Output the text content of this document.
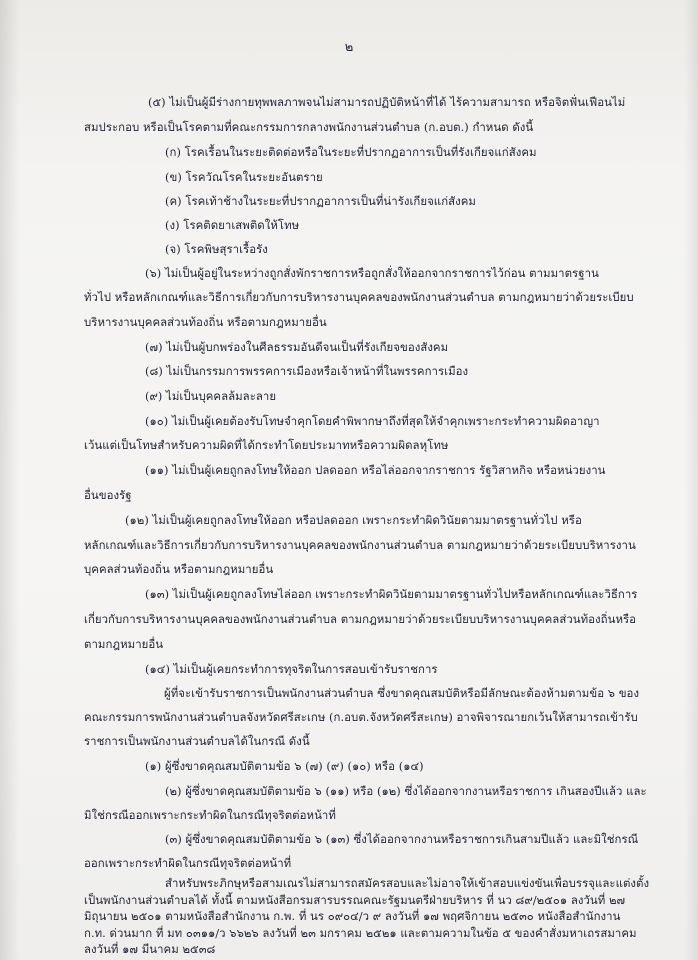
๒
(๕) ไม่เป็นผู้มีร่างกายทุพพลภาพจนไม่สามารถปฏิบัติหน้าที่ได้ ไร้ความสามารถ หรือจิตฟั่นเฟือนไม่
สมประกอบ หรือเป็นโรคตามที่คณะกรรมการกลางพนักงานส่วนตำบล (ก.อบต.) กำหนด ดังนี้
(ก) โรคเรื้อนในระยะติดต่อหรือในระยะที่ปรากฏอาการเป็นที่รังเกียจแก่สังคม
(ข) โรควัณโรคในระยะอันตราย
(ค) โรคเท้าช้างในระยะที่ปรากฏอาการเป็นที่น่ารังเกียจแก่สังคม
(ง) โรคติดยาเสพติดให้โทษ
(จ) โรคพิษสุราเรื้อรัง
(๖) ไม่เป็นผู้อยู่ในระหว่างถูกสั่งพักราชการหรือถูกสั่งให้ออกจากราชการไว้ก่อน ตามมาตรฐาน
ทั่วไป หรือหลักเกณฑ์และวิธีการเกี่ยวกับการบริหารงานบุคคลของพนักงานส่วนตำบล ตามกฎหมายว่าด้วยระเบียบ
บริหารงานบุคคลส่วนท้องถิ่น หรือตามกฎหมายอื่น
(๗) ไม่เป็นผู้บกพร่องในศีลธรรมอันดีจนเป็นที่รังเกียจของสังคม
(๘) ไม่เป็นกรรมการพรรคการเมืองหรือเจ้าหน้าที่ในพรรคการเมือง
(๙) ไม่เป็นบุคคลล้มละลาย
(๑๐) ไม่เป็นผู้เคยต้องรับโทษจำคุกโดยคำพิพากษาถึงที่สุดให้จำคุกเพราะกระทำความผิดอาญา
เว้นแต่เป็นโทษสำหรับความผิดที่ได้กระทำโดยประมาทหรือความผิดลหุโทษ
(๑๑) ไม่เป็นผู้เคยถูกลงโทษให้ออก ปลดออก หรือไล่ออกจากราชการ รัฐวิสาหกิจ หรือหน่วยงาน
อื่นของรัฐ
(๑๒) ไม่เป็นผู้เคยถูกลงโทษให้ออก หรือปลดออก เพราะกระทำผิดวินัยตามมาตรฐานทั่วไป หรือ
หลักเกณฑ์และวิธีการเกี่ยวกับการบริหารงานบุคคลของพนักงานส่วนตำบล ตามกฎหมายว่าด้วยระเบียบบริหารงาน
บุคคลส่วนท้องถิ่น หรือตามกฎหมายอื่น
(๑๓) ไม่เป็นผู้เคยถูกลงโทษไล่ออก เพราะกระทำผิดวินัยตามมาตรฐานทั่วไปหรือหลักเกณฑ์และวิธีการ
เกี่ยวกับการบริหารงานบุคคลของพนักงานส่วนตำบล ตามกฎหมายว่าด้วยระเบียบบริหารงานบุคคลส่วนท้องถิ่นหรือ
ตามกฎหมายอื่น
(๑๔) ไม่เป็นผู้เคยกระทำการทุจริตในการสอบเข้ารับราชการ
ผู้ที่จะเข้ารับราชการเป็นพนักงานส่วนตำบล ซึ่งขาดคุณสมบัติหรือมีลักษณะต้องห้ามตามข้อ ๖ ของ
คณะกรรมการพนักงานส่วนตำบลจังหวัดศรีสะเกษ (ก.อบต.จังหวัดศรีสะเกษ) อาจพิจารณายกเว้นให้สามารถเข้ารับ
ราชการเป็นพนักงานส่วนตำบลได้ในกรณี ดังนี้
(๑) ผู้ซึ่งขาดคุณสมบัติตามข้อ ๖ (๗) (๙) (๑๐) หรือ (๑๔)
(๒) ผู้ซึ่งขาดคุณสมบัติตามข้อ ๖ (๑๑) หรือ (๑๒) ซึ่งได้ออกจากงานหรือราชการ เกินสองปีแล้ว และ
มิใช่กรณีออกเพราะกระทำผิดในกรณีทุจริตต่อหน้าที่
(๓) ผู้ซึ่งขาดคุณสมบัติตามข้อ ๖ (๑๓) ซึ่งได้ออกจากงานหรือราชการเกินสามปีแล้ว และมิใช่กรณี
ออกเพราะกระทำผิดในกรณีทุจริตต่อหน้าที่
สำหรับพระภิกษุหรือสามเณรไม่สามารถสมัครสอบและไม่อาจให้เข้าสอบแข่งขันเพื่อบรรจุและแต่งตั้ง
เป็นพนักงานส่วนตำบลได้ ทั้งนี้ ตามหนังสือกรมสารบรรณคณะรัฐมนตรีฝ่ายบริหาร ที่ นว ๘๙/๒๕๐๑ ลงวันที่ ๒๗
มิถุนายน ๒๕๐๑ ตามหนังสือสำนักงาน ก.พ. ที่ นร ๐๙๐๔/ว ๙ ลงวันที่ ๑๗ พฤศจิกายน ๒๕๓๐ หนังสือสำนักงาน
ก.ท. ด่วนมาก ที่ มท ๐๓๑๑/ว ๖๖๒๖ ลงวันที่ ๒๓ มกราคม ๒๕๒๑ และตามความในข้อ ๕ ของคำสั่งมหาเถรสมาคม
ลงวันที่ ๑๗ มีนาคม ๒๕๓๘
